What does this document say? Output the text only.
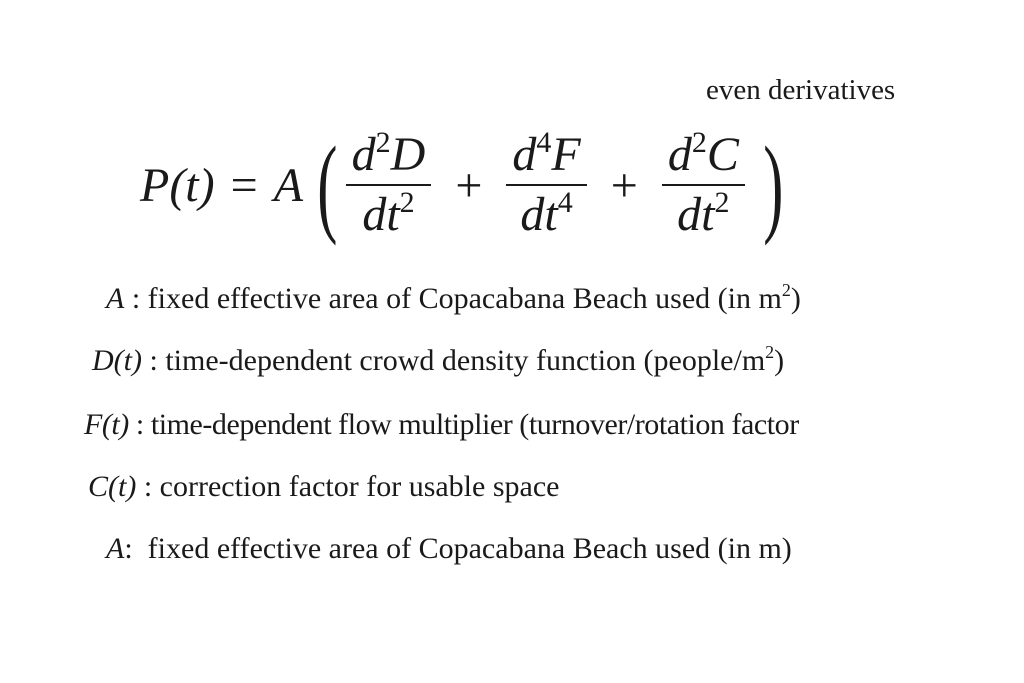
even derivatives
P(t) = A ( $\frac{d^2D}{dt^2} + \frac{d^4F}{dt^4} + \frac{d^2C}{dt^2}$ )
A : fixed effective area of Copacabana Beach used (in $m^2$)
D(t) : time-dependent crowd density function $(people/m^2)$
F(t) : time-dependent flow multiplier (turnover/rotation factor
C(t) : correction factor for usable space
A:  fixed effective area of Copacabana Beach used (in m)
